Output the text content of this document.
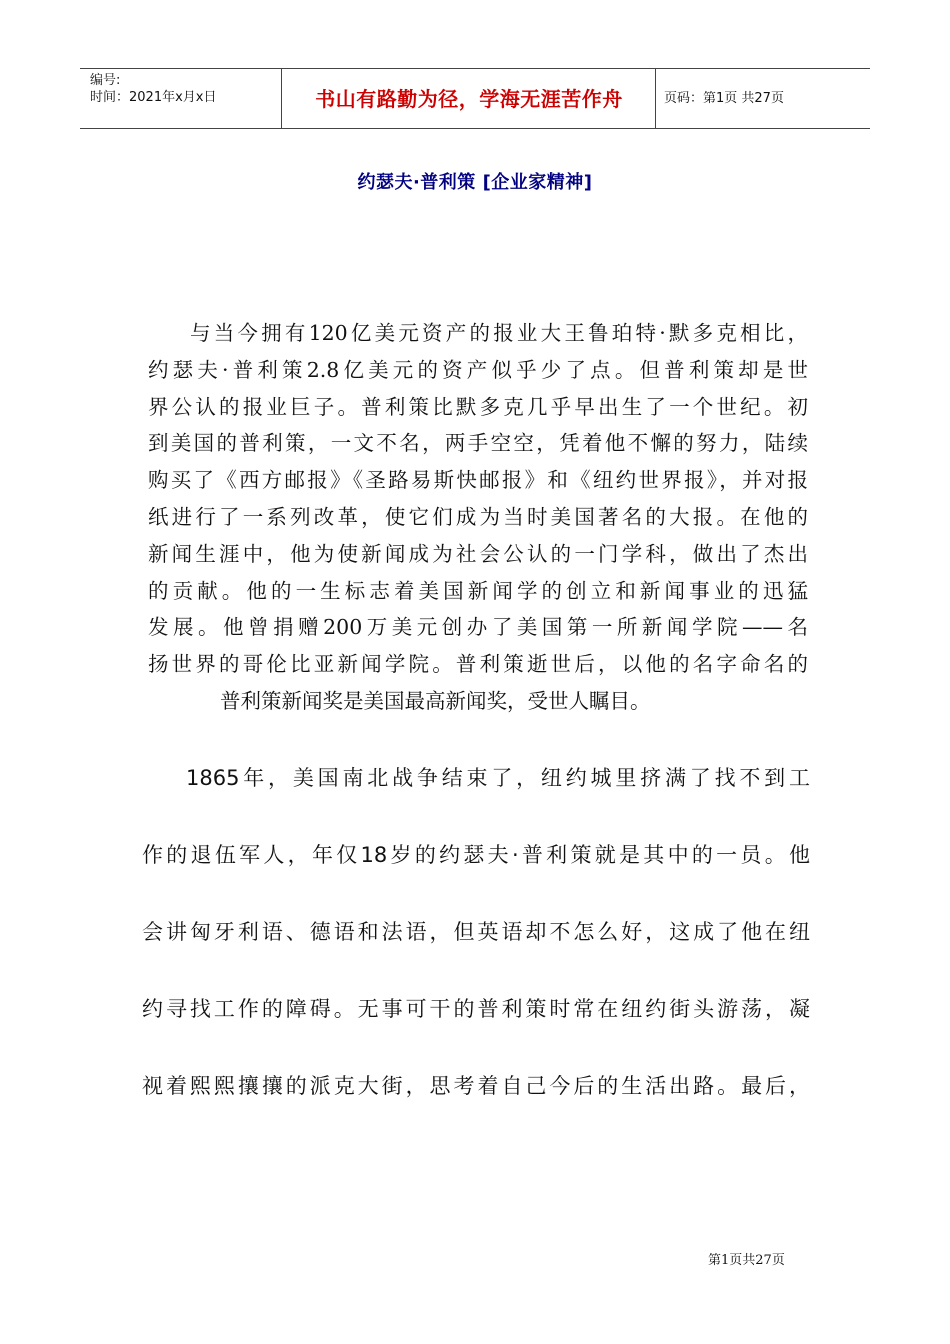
编号:
时间：2021年x月x日	书山有路勤为径，学海无涯苦作舟	页码：第1页 共27页
约瑟夫·普利策 [企业家精神]
与当今拥有120亿美元资产的报业大王鲁珀特·默多克相比，
约瑟夫·普利策2.8亿美元的资产似乎少了点。但普利策却是世
界公认的报业巨子。普利策比默多克几乎早出生了一个世纪。初
到美国的普利策，一文不名，两手空空，凭着他不懈的努力，陆续
购买了《西方邮报》《圣路易斯快邮报》和《纽约世界报》，并对报
纸进行了一系列改革，使它们成为当时美国著名的大报。在他的
新闻生涯中，他为使新闻成为社会公认的一门学科，做出了杰出
的贡献。他的一生标志着美国新闻学的创立和新闻事业的迅猛
发展。他曾捐赠200万美元创办了美国第一所新闻学院——名
扬世界的哥伦比亚新闻学院。普利策逝世后，以他的名字命名的
普利策新闻奖是美国最高新闻奖，受世人瞩目。
1865年，美国南北战争结束了，纽约城里挤满了找不到工
作的退伍军人，年仅18岁的约瑟夫·普利策就是其中的一员。他
会讲匈牙利语、德语和法语，但英语却不怎么好，这成了他在纽
约寻找工作的障碍。无事可干的普利策时常在纽约街头游荡，凝
视着熙熙攘攘的派克大街，思考着自己今后的生活出路。最后，
第1页共27页
